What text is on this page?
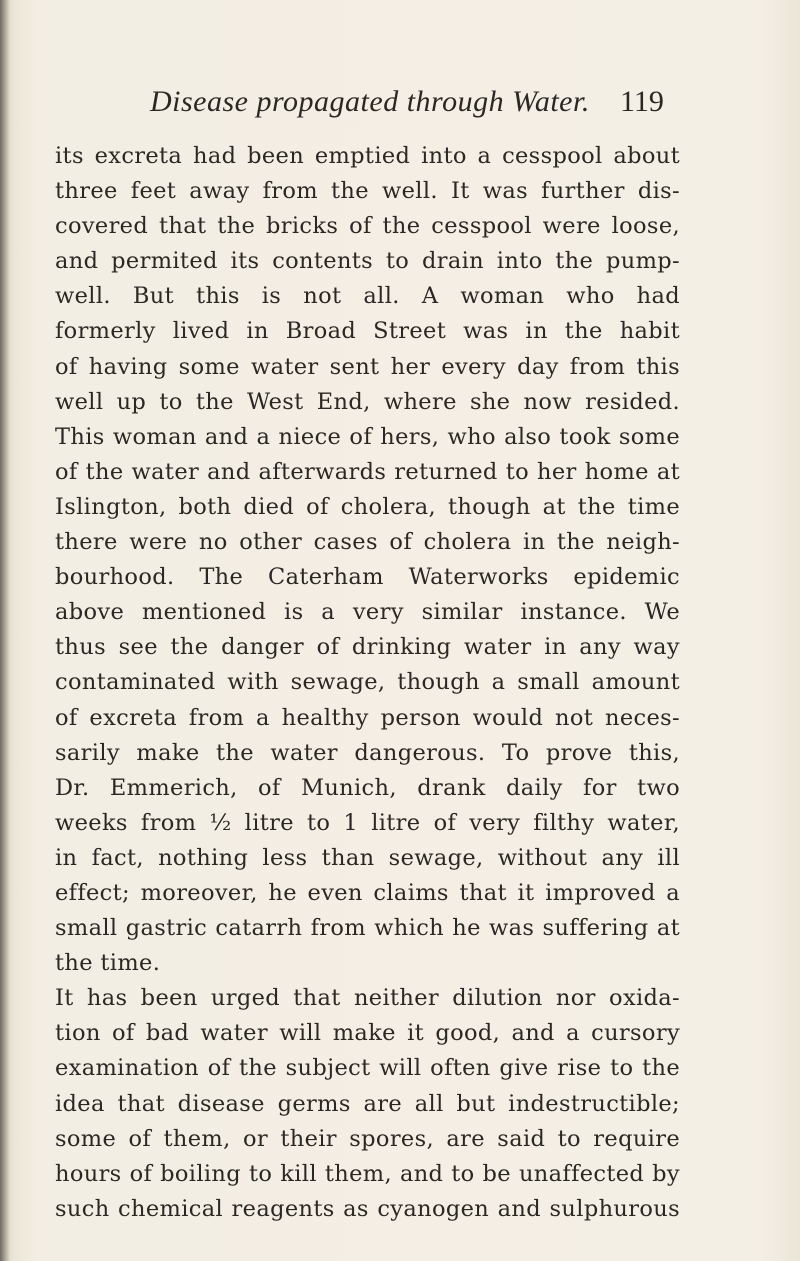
Disease propagated through Water. 119
its excreta had been emptied into a cesspool about
three feet away from the well. It was further dis-
covered that the bricks of the cesspool were loose,
and permited its contents to drain into the pump-
well. But this is not all. A woman who had
formerly lived in Broad Street was in the habit
of having some water sent her every day from this
well up to the West End, where she now resided.
This woman and a niece of hers, who also took some
of the water and afterwards returned to her home at
Islington, both died of cholera, though at the time
there were no other cases of cholera in the neigh-
bourhood. The Caterham Waterworks epidemic
above mentioned is a very similar instance. We
thus see the danger of drinking water in any way
contaminated with sewage, though a small amount
of excreta from a healthy person would not neces-
sarily make the water dangerous. To prove this,
Dr. Emmerich, of Munich, drank daily for two
weeks from ½ litre to 1 litre of very filthy water,
in fact, nothing less than sewage, without any ill
effect; moreover, he even claims that it improved a
small gastric catarrh from which he was suffering at
the time.
It has been urged that neither dilution nor oxida-
tion of bad water will make it good, and a cursory
examination of the subject will often give rise to the
idea that disease germs are all but indestructible;
some of them, or their spores, are said to require
hours of boiling to kill them, and to be unaffected by
such chemical reagents as cyanogen and sulphurous
